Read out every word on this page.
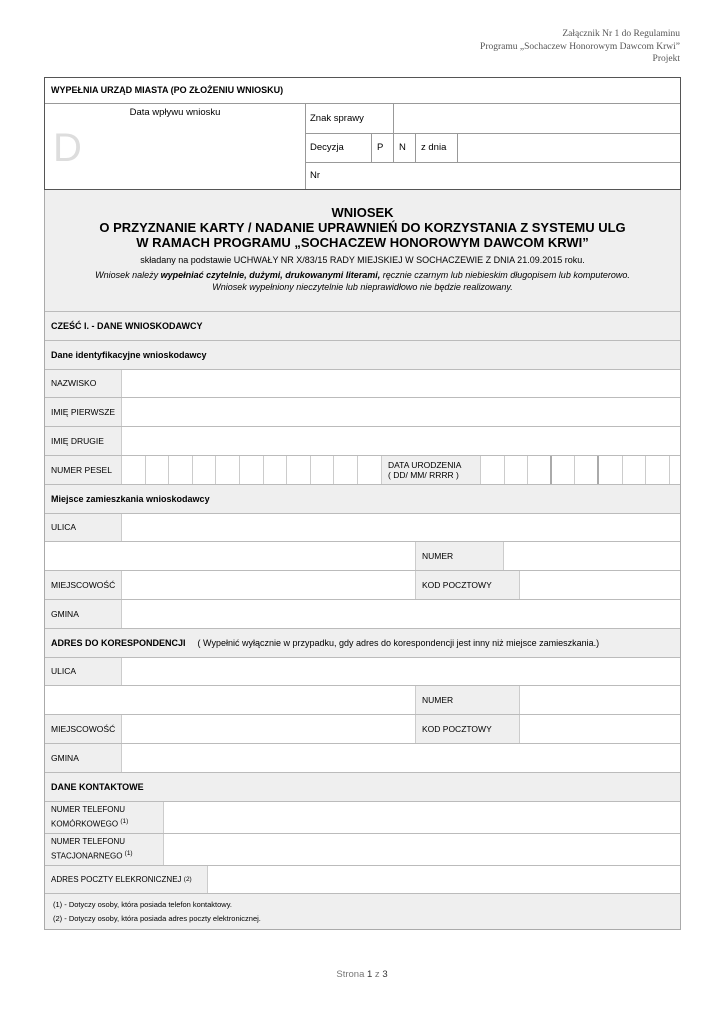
Załącznik Nr 1 do Regulaminu
Programu „Sochaczew Honorowym Dawcom Krwi”
Projekt
WYPEŁNIA URZĄD MIASTA (PO ZŁOŻENIU WNIOSKU)
Data wpływu wniosku
D
Znak sprawy
Decyzja	P	N	z dnia
Nr
WNIOSEK
O PRZYZNANIE KARTY / NADANIE UPRAWNIEŃ DO KORZYSTANIA Z SYSTEMU ULG
W RAMACH PROGRAMU „SOCHACZEW HONOROWYM DAWCOM KRWI”
składany na podstawie UCHWAŁY NR X/83/15 RADY MIEJSKIEJ W SOCHACZEWIE Z DNIA 21.09.2015 roku.
Wniosek należy wypełniać czytelnie, dużymi, drukowanymi literami, ręcznie czarnym lub niebieskim długopisem lub komputerowo.
Wniosek wypełniony nieczytelnie lub nieprawidłowo nie będzie realizowany.
CZEŚĆ I. - DANE WNIOSKODAWCY
Dane identyfikacyjne wnioskodawcy
NAZWISKO
IMIĘ PIERWSZE
IMIĘ DRUGIE
NUMER PESEL	DATA URODZENIA
( DD/ MM/ RRRR )
Miejsce zamieszkania wnioskodawcy
ULICA
NUMER
MIEJSCOWOŚĆ	KOD POCZTOWY
GMINA
ADRES DO KORESPONDENCJI ( Wypełnić wyłącznie w przypadku, gdy adres do korespondencji jest inny niż miejsce zamieszkania.)
ULICA
NUMER
MIEJSCOWOŚĆ	KOD POCZTOWY
GMINA
DANE KONTAKTOWE
NUMER TELEFONU
KOMÓRKOWEGO $^{(1)}$
NUMER TELEFONU
STACJONARNEGO $^{(1)}$
ADRES POCZTY ELEKRONICZNEJ
(2)
(1) - Dotyczy osoby, która posiada telefon kontaktowy.
(2) - Dotyczy osoby, która posiada adres poczty elektronicznej.
Strona 1 z 3
